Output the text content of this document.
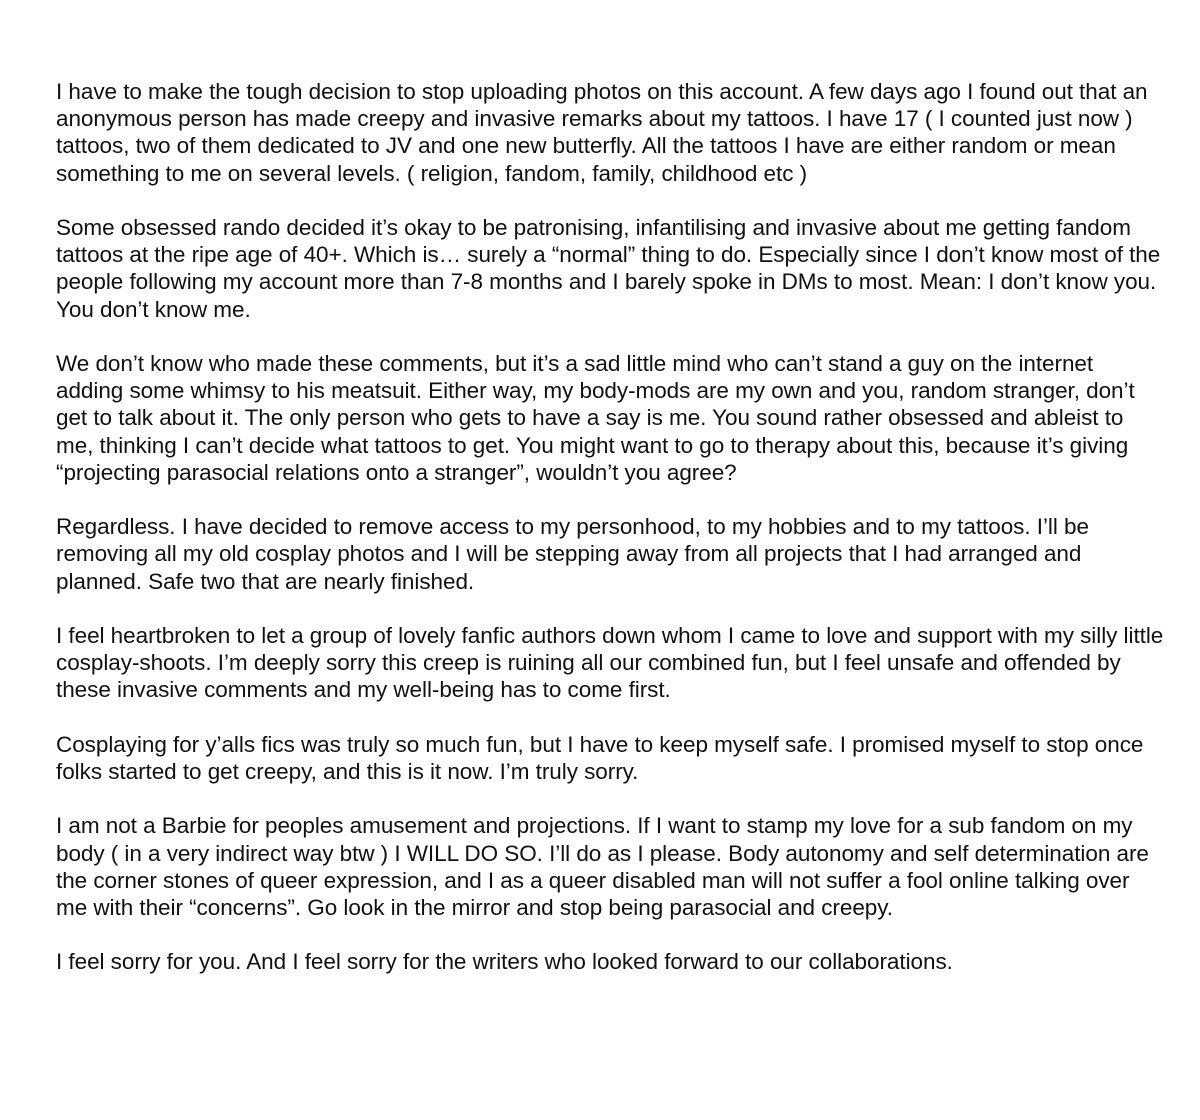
I have to make the tough decision to stop uploading photos on this account. A few days ago I found out that an anonymous person has made creepy and invasive remarks about my tattoos. I have 17 ( I counted just now ) tattoos, two of them dedicated to JV and one new butterfly. All the tattoos I have are either random or mean something to me on several levels. ( religion, fandom, family, childhood etc )

Some obsessed rando decided it’s okay to be patronising, infantilising and invasive about me getting fandom tattoos at the ripe age of 40+. Which is… surely a “normal” thing to do. Especially since I don’t know most of the people following my account more than 7-8 months and I barely spoke in DMs to most. Mean: I don’t know you. You don’t know me.

We don’t know who made these comments, but it’s a sad little mind who can’t stand a guy on the internet adding some whimsy to his meatsuit. Either way, my body-mods are my own and you, random stranger, don’t get to talk about it. The only person who gets to have a say is me. You sound rather obsessed and ableist to me, thinking I can’t decide what tattoos to get. You might want to go to therapy about this, because it’s giving “projecting parasocial relations onto a stranger”, wouldn’t you agree?

Regardless. I have decided to remove access to my personhood, to my hobbies and to my tattoos. I’ll be removing all my old cosplay photos and I will be stepping away from all projects that I had arranged and planned. Safe two that are nearly finished.

I feel heartbroken to let a group of lovely fanfic authors down whom I came to love and support with my silly little cosplay-shoots. I’m deeply sorry this creep is ruining all our combined fun, but I feel unsafe and offended by these invasive comments and my well-being has to come first.

Cosplaying for y’alls fics was truly so much fun, but I have to keep myself safe. I promised myself to stop once folks started to get creepy, and this is it now. I’m truly sorry.

I am not a Barbie for peoples amusement and projections. If I want to stamp my love for a sub fandom on my body ( in a very indirect way btw ) I WILL DO SO. I’ll do as I please. Body autonomy and self determination are the corner stones of queer expression, and I as a queer disabled man will not suffer a fool online talking over me with their “concerns”. Go look in the mirror and stop being parasocial and creepy.

I feel sorry for you. And I feel sorry for the writers who looked forward to our collaborations.
